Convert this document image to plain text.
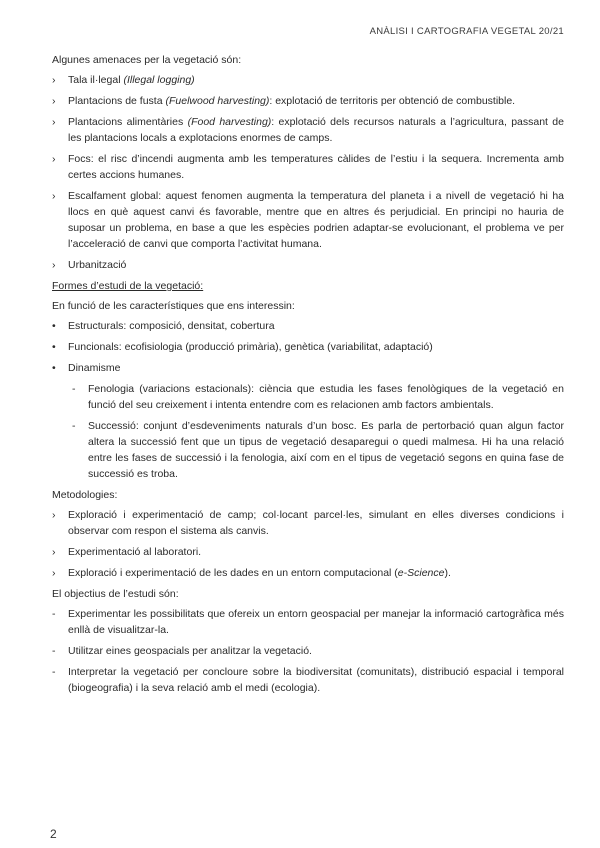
ANÀLISI I CARTOGRAFIA VEGETAL 20/21

Algunes amenaces per la vegetació són:

›	Tala il·legal (Illegal logging)
›	Plantacions de fusta (Fuelwood harvesting): explotació de territoris per obtenció de combustible.
›	Plantacions alimentàries (Food harvesting): explotació dels recursos naturals a l’agricultura, passant de les plantacions locals a explotacions enormes de camps.
›	Focs: el risc d’incendi augmenta amb les temperatures càlides de l’estiu i la sequera. Incrementa amb certes accions humanes.
›	Escalfament global: aquest fenomen augmenta la temperatura del planeta i a nivell de vegetació hi ha llocs en què aquest canvi és favorable, mentre que en altres és perjudicial. En principi no hauria de suposar un problema, en base a que les espècies podrien adaptar-se evolucionant, el problema ve per l’acceleració de canvi que comporta l’activitat humana.
›	Urbanització

Formes d’estudi de la vegetació:

En funció de les característiques que ens interessin:

•	Estructurals: composició, densitat, cobertura
•	Funcionals: ecofisiologia (producció primària), genètica (variabilitat, adaptació)
•	Dinamisme
-	Fenologia (variacions estacionals): ciència que estudia les fases fenològiques de la vegetació en funció del seu creixement i intenta entendre com es relacionen amb factors ambientals.
-	Successió: conjunt d’esdeveniments naturals d’un bosc. Es parla de pertorbació quan algun factor altera la successió fent que un tipus de vegetació desaparegui o quedi malmesa. Hi ha una relació entre les fases de successió i la fenologia, així com en el tipus de vegetació segons en quina fase de successió es troba.

Metodologies:

›	Exploració i experimentació de camp; col·locant parcel·les, simulant en elles diverses condicions i observar com respon el sistema als canvis.
›	Experimentació al laboratori.
›	Exploració i experimentació de les dades en un entorn computacional (e-Science).

El objectius de l’estudi són:

-	Experimentar les possibilitats que ofereix un entorn geospacial per manejar la informació cartogràfica més enllà de visualitzar-la.
-	Utilitzar eines geospacials per analitzar la vegetació.
-	Interpretar la vegetació per concloure sobre la biodiversitat (comunitats), distribució espacial i temporal (biogeografia) i la seva relació amb el medi (ecologia).
2
